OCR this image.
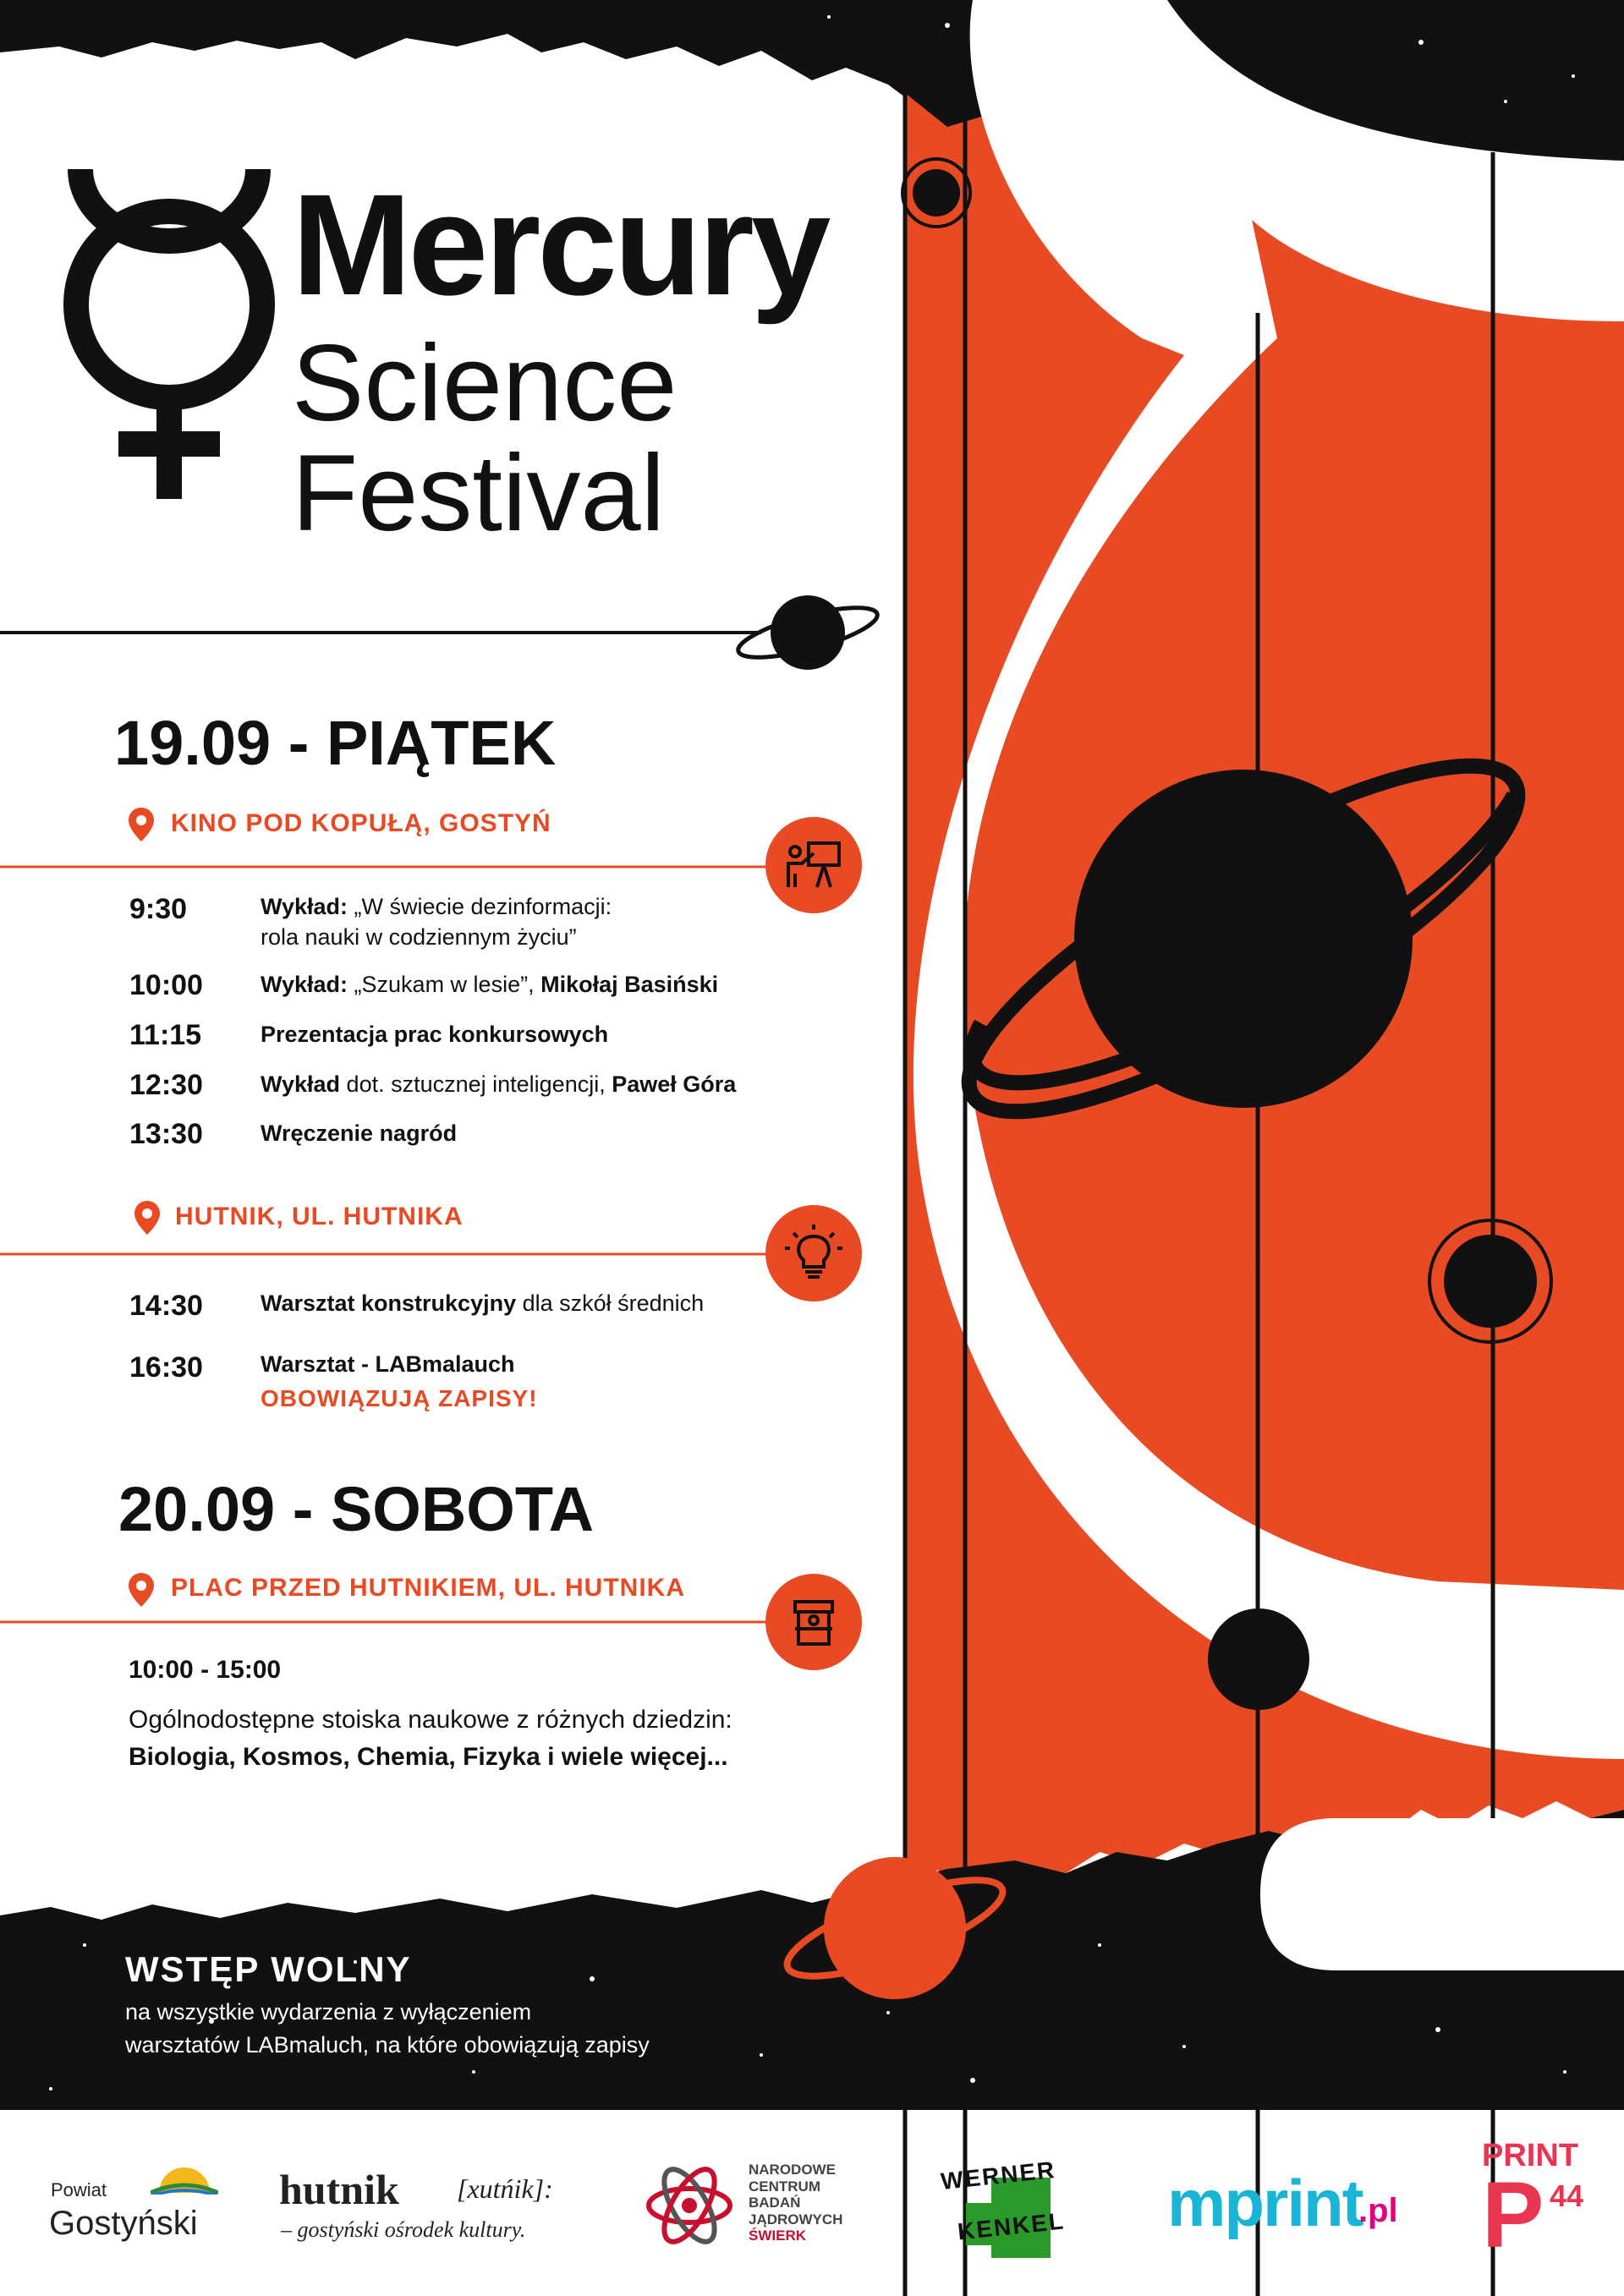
Mercury
Science
Festival
19.09 - PIĄTEK
KINO POD KOPUŁĄ, GOSTYŃ
9:30	Wykład: „W świecie dezinformacji:
rola nauki w codziennym życiu”
10:00	Wykład: „Szukam w lesie”, Mikołaj Basiński
11:15	Prezentacja prac konkursowych
12:30	Wykład dot. sztucznej inteligencji, Paweł Góra
13:30	Wręczenie nagród
HUTNIK, UL. HUTNIKA
14:30	Warsztat konstrukcyjny dla szkół średnich
16:30	Warsztat - LABmalauch
OBOWIĄZUJĄ ZAPISY!
20.09 - SOBOTA
PLAC PRZED HUTNIKIEM, UL. HUTNIKA
10:00 - 15:00
Ogólnodostępne stoiska naukowe z różnych dziedzin: Biologia, Kosmos, Chemia, Fizyka i wiele więcej...
WSTĘP WOLNY
na wszystkie wydarzenia z wyłączeniem
warsztatów LABmaluch, na które obowiązują zapisy
Powiat
Gostyński
hutnik [xutńik]:
– gostyński ośrodek kultury.
NARODOWE
CENTRUM
BADAŃ
JĄDROWYCH
ŚWIERK
WERNER
KENKEL mprint
.pl
PRINT
P 44
